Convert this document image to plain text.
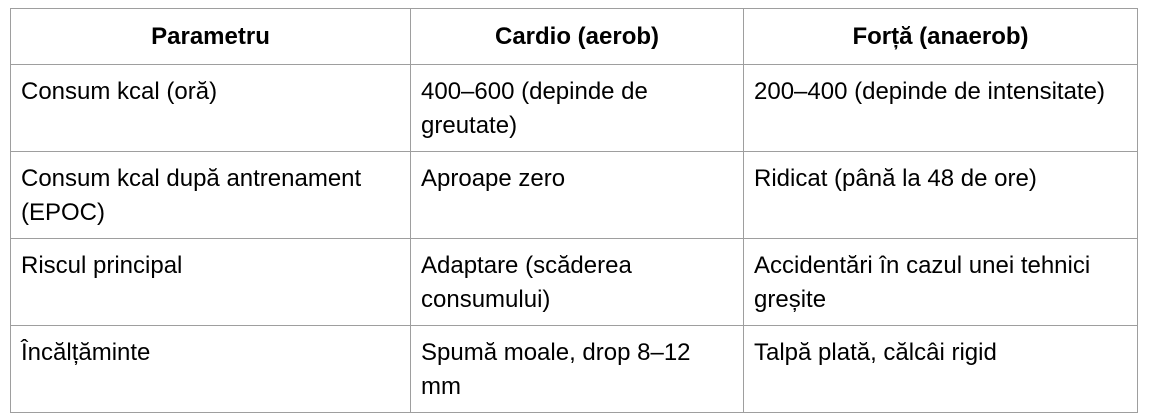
Parametru	Cardio (aerob)	Forță (anaerob)
Consum kcal (oră)	400–600 (depinde de greutate)	200–400 (depinde de intensitate)
Consum kcal după antrenament (EPOC)	Aproape zero	Ridicat (până la 48 de ore)
Riscul principal	Adaptare (scăderea consumului)	Accidentări în cazul unei tehnici greșite
Încălțăminte	Spumă moale, drop 8–12 mm	Talpă plată, călcâi rigid
